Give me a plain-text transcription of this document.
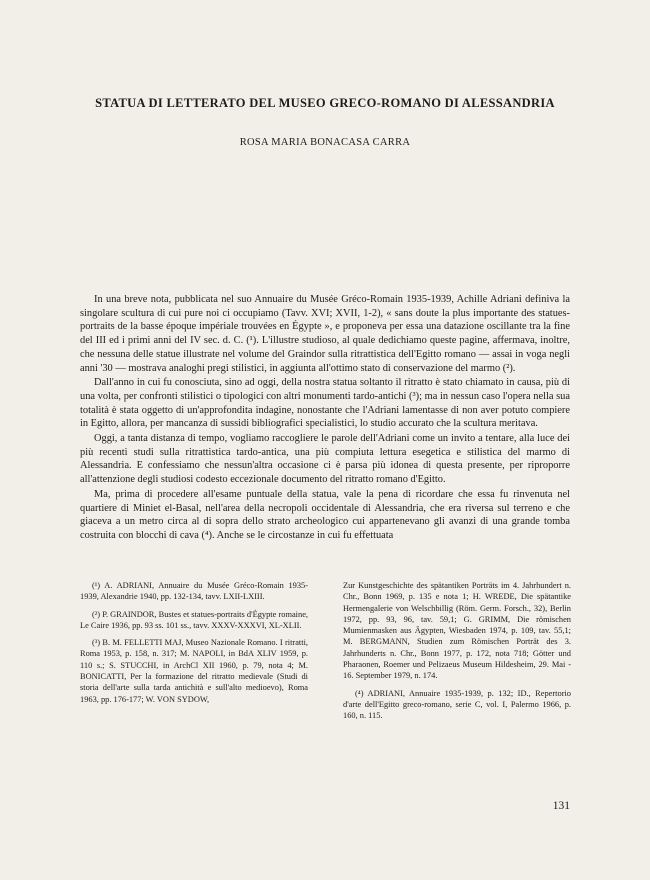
STATUA DI LETTERATO DEL MUSEO GRECO-ROMANO DI ALESSANDRIA
ROSA MARIA BONACASA CARRA

In una breve nota, pubblicata nel suo Annuaire du Musée Gréco-Romain 1935-1939, Achille Adriani definiva la singolare scultura di cui pure noi ci occupiamo (Tavv. XVI; XVII, 1-2), « sans doute la plus importante des statues-portraits de la basse époque impériale trouvées en Égypte », e proponeva per essa una datazione oscillante tra la fine del III ed i primi anni del IV sec. d. C. (¹). L'illustre studioso, al quale dedichiamo queste pagine, affermava, inoltre, che nessuna delle statue illustrate nel volume del Graindor sulla ritrattistica dell'Egitto romano — assai in voga negli anni '30 — mostrava analoghi pregi stilistici, in aggiunta all'ottimo stato di conservazione del marmo (²).

Dall'anno in cui fu conosciuta, sino ad oggi, della nostra statua soltanto il ritratto è stato chiamato in causa, più di una volta, per confronti stilistici o tipologici con altri monumenti tardo-antichi (³); ma in nessun caso l'opera nella sua totalità è stata oggetto di un'approfondita indagine, nonostante che l'Adriani lamentasse di non aver potuto compiere in Egitto, allora, per mancanza di sussidi bibliografici specialistici, lo studio accurato che la scultura meritava.

Oggi, a tanta distanza di tempo, vogliamo raccogliere le parole dell'Adriani come un invito a tentare, alla luce dei più recenti studi sulla ritrattistica tardo-antica, una più compiuta lettura esegetica e stilistica del marmo di Alessandria. E confessiamo che nessun'altra occasione ci è parsa più idonea di questa presente, per riproporre all'attenzione degli studiosi codesto eccezionale documento del ritratto romano d'Egitto.

Ma, prima di procedere all'esame puntuale della statua, vale la pena di ricordare che essa fu rinvenuta nel quartiere di Miniet el-Basal, nell'area della necropoli occidentale di Alessandria, che era riversa sul terreno e che giaceva a un metro circa al di sopra dello strato archeologico cui appartenevano gli avanzi di una grande tomba costruita con blocchi di cava (⁴). Anche se le circostanze in cui fu effettuata

(¹) A. ADRIANI, Annuaire du Musée Gréco-Romain 1935-1939, Alexandrie 1940, pp. 132-134, tavv. LXII-LXIII.

(²) P. GRAINDOR, Bustes et statues-portraits d'Égypte romaine, Le Caire 1936, pp. 93 ss. 101 ss., tavv. XXXV-XXXVI, XL-XLII.

(³) B. M. FELLETTI MAJ, Museo Nazionale Romano. I ritratti, Roma 1953, p. 158, n. 317; M. NAPOLI, in BdA XLIV 1959, p. 110 s.; S. STUCCHI, in ArchCl XII 1960, p. 79, nota 4; M. BONICATTI, Per la formazione del ritratto medievale (Studi di storia dell'arte sulla tarda antichità e sull'alto medioevo), Roma 1963, pp. 176-177; W. VON SYDOW,

Zur Kunstgeschichte des spätantiken Porträts im 4. Jahrhundert n. Chr., Bonn 1969, p. 135 e nota 1; H. WREDE, Die spätantike Hermengalerie von Welschbillig (Röm. Germ. Forsch., 32), Berlin 1972, pp. 93, 96, tav. 59,1; G. GRIMM, Die römischen Mumienmasken aus Ägypten, Wiesbaden 1974, p. 109, tav. 55,1; M. BERGMANN, Studien zum Römischen Porträt des 3. Jahrhunderts n. Chr., Bonn 1977, p. 172, nota 718; Götter und Pharaonen, Roemer und Pelizaeus Museum Hildesheim, 29. Mai - 16. September 1979, n. 174.

(⁴) ADRIANI, Annuaire 1935-1939, p. 132; ID., Repertorio d'arte dell'Egitto greco-romano, serie C, vol. I, Palermo 1966, p. 160, n. 115.

131
